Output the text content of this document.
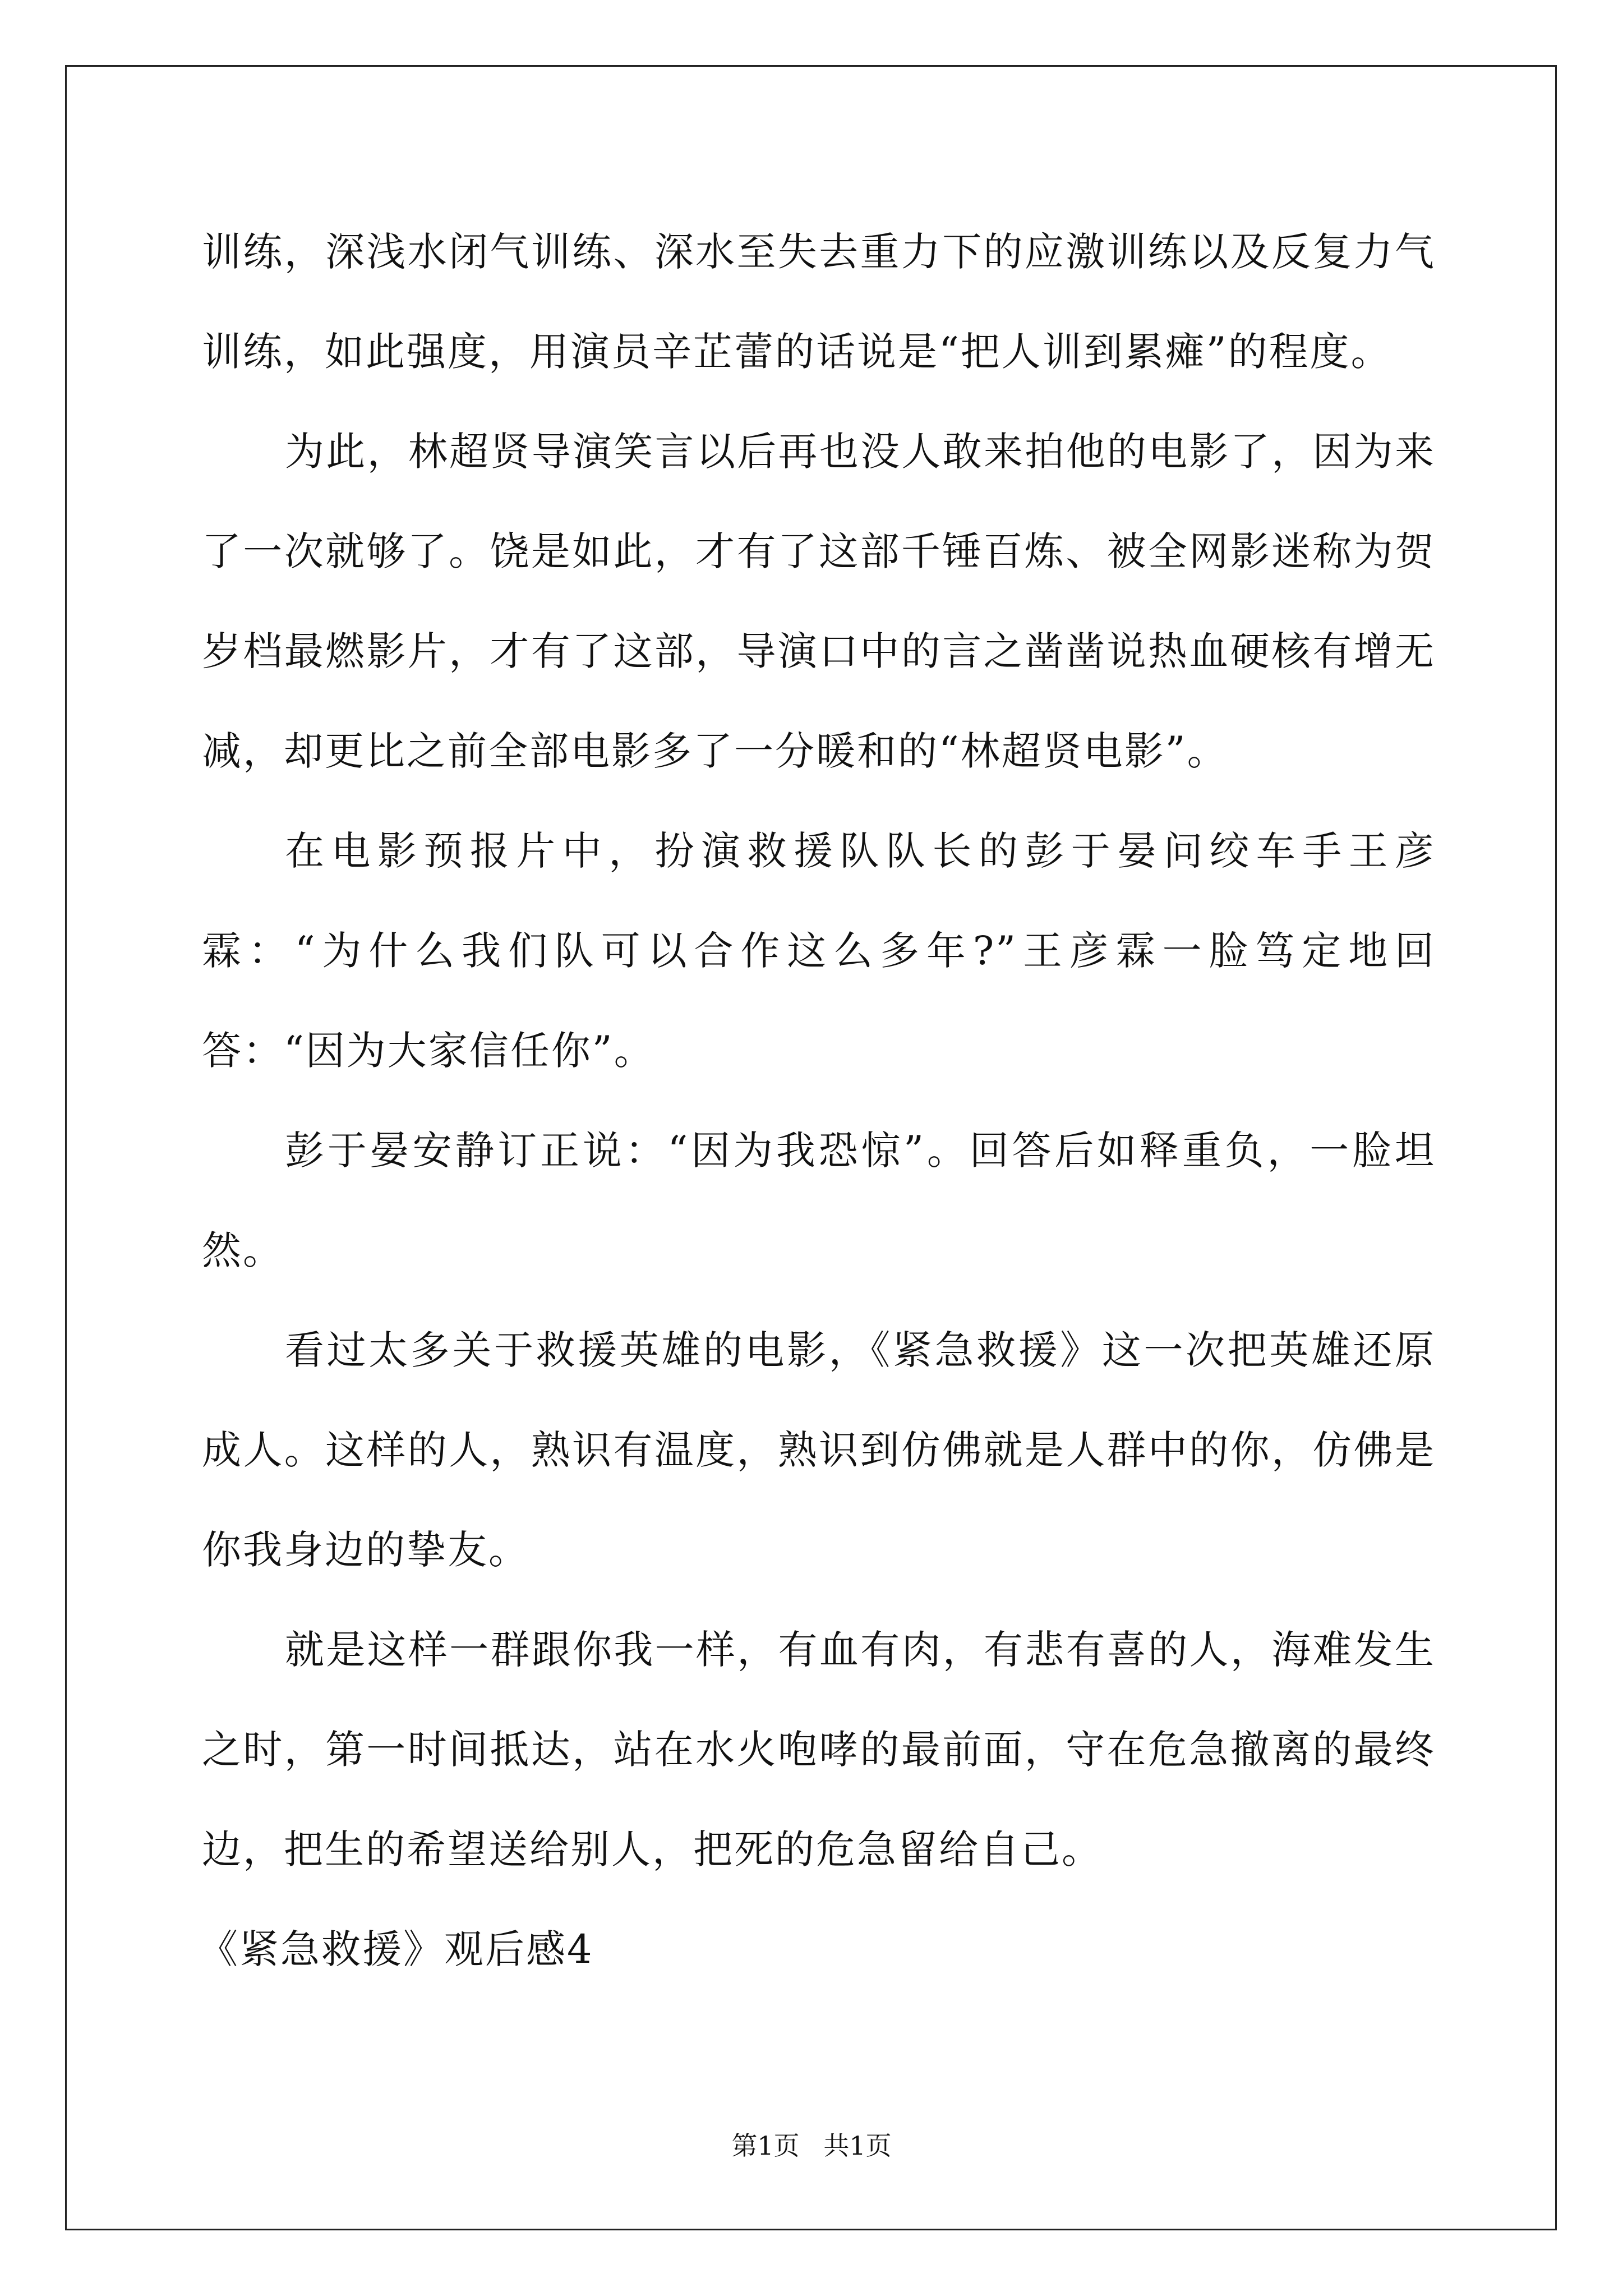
训练，深浅水闭气训练、深水至失去重力下的应激训练以及反复力气训练，如此强度，用演员辛芷蕾的话说是“把人训到累瘫”的程度。

为此，林超贤导演笑言以后再也没人敢来拍他的电影了，因为来了一次就够了。饶是如此，才有了这部千锤百炼、被全网影迷称为贺岁档最燃影片，才有了这部，导演口中的言之凿凿说热血硬核有增无减，却更比之前全部电影多了一分暖和的“林超贤电影”。

在电影预报片中，扮演救援队队长的彭于晏问绞车手王彦霖：“为什么我们队可以合作这么多年?”王彦霖一脸笃定地回答：“因为大家信任你”。

彭于晏安静订正说：“因为我恐惊”。回答后如释重负，一脸坦然。

看过太多关于救援英雄的电影，《紧急救援》这一次把英雄还原成人。这样的人，熟识有温度，熟识到仿佛就是人群中的你，仿佛是你我身边的挚友。

就是这样一群跟你我一样，有血有肉，有悲有喜的人，海难发生之时，第一时间抵达，站在水火咆哮的最前面，守在危急撤离的最终边，把生的希望送给别人，把死的危急留给自己。

《紧急救援》观后感4

第1页 共1页
